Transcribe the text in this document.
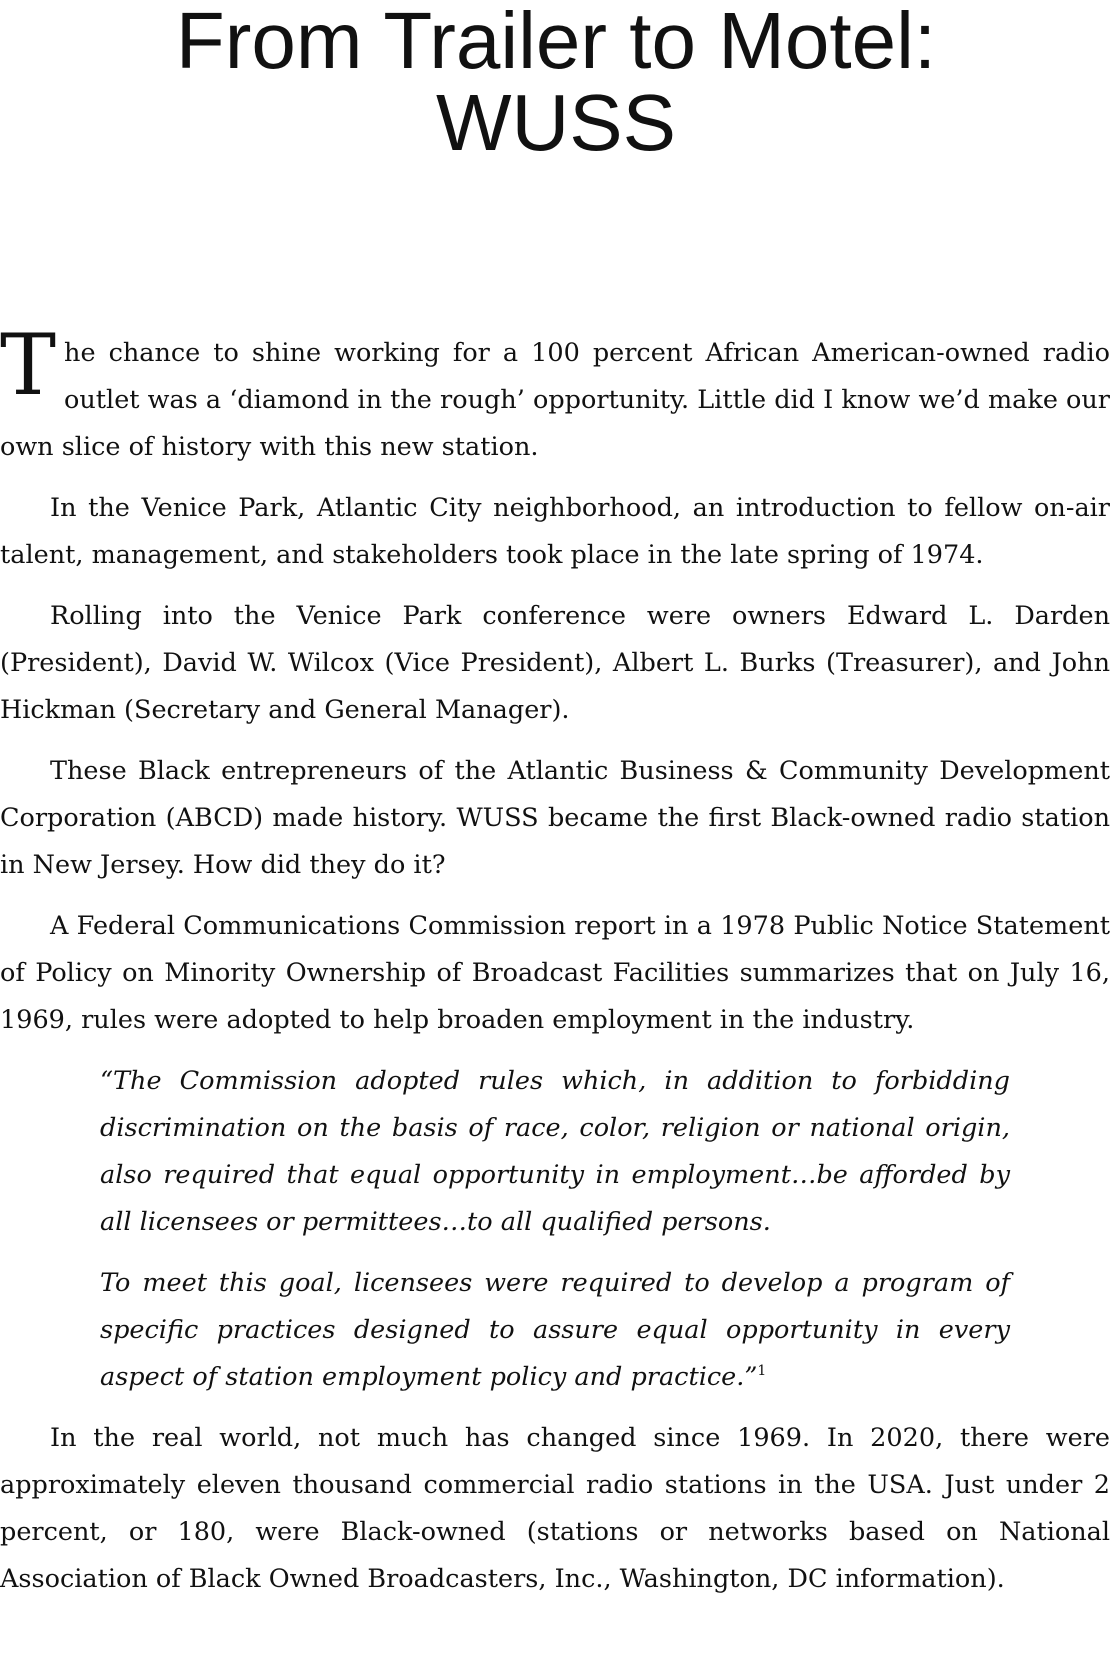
From Trailer to Motel:
WUSS

The chance to shine working for a 100 percent African American-owned radio outlet was a ‘diamond in the rough’ opportunity. Little did I know we’d make our own slice of history with this new station.

In the Venice Park, Atlantic City neighborhood, an introduction to fellow on-air talent, management, and stakeholders took place in the late spring of 1974.

Rolling into the Venice Park conference were owners Edward L. Darden (President), David W. Wilcox (Vice President), Albert L. Burks (Treasurer), and John Hickman (Secretary and General Manager).

These Black entrepreneurs of the Atlantic Business & Community Development Corporation (ABCD) made history. WUSS became the first Black-owned radio station in New Jersey. How did they do it?

A Federal Communications Commission report in a 1978 Public Notice Statement of Policy on Minority Ownership of Broadcast Facilities summarizes that on July 16, 1969, rules were adopted to help broaden employment in the industry.

“The Commission adopted rules which, in addition to forbidding discrimination on the basis of race, color, religion or national origin, also required that equal opportunity in employment…be afforded by all licensees or permittees…to all qualified persons.

To meet this goal, licensees were required to develop a program of specific practices designed to assure equal opportunity in every aspect of station employment policy and practice.”$^1$

In the real world, not much has changed since 1969. In 2020, there were approximately eleven thousand commercial radio stations in the USA. Just under 2 percent, or 180, were Black-owned (stations or networks based on National Association of Black Owned Broadcasters, Inc., Washington, DC information).
